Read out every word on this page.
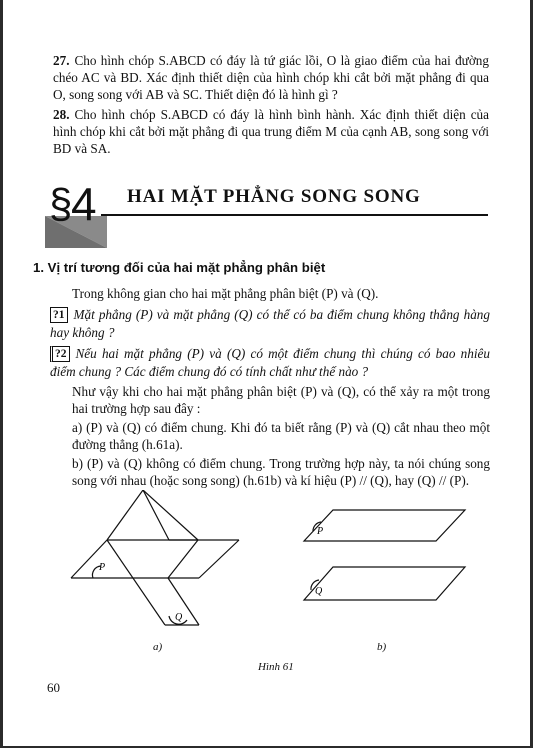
27. Cho hình chóp S.ABCD có đáy là tứ giác lồi, O là giao điểm của hai đường chéo AC và BD. Xác định thiết diện của hình chóp khi cắt bởi mặt phẳng đi qua O, song song với AB và SC. Thiết diện đó là hình gì ?
28. Cho hình chóp S.ABCD có đáy là hình bình hành. Xác định thiết diện của hình chóp khi cắt bởi mặt phẳng đi qua trung điểm M của cạnh AB, song song với BD và SA.
§
4 HAI MẶT PHẲNG SONG SONG
1. Vị trí tương đối của hai mặt phẳng phân biệt
Trong không gian cho hai mặt phẳng phân biệt (P) và (Q).
?1 Mặt phẳng (P) và mặt phẳng (Q) có thể có ba điểm chung không thẳng hàng hay không ?
?2 Nếu hai mặt phẳng (P) và (Q) có một điểm chung thì chúng có bao nhiêu điểm chung ? Các điểm chung đó có tính chất như thế nào ?
Như vậy khi cho hai mặt phẳng phân biệt (P) và (Q), có thể xảy ra một trong hai trường hợp sau đây :
a) (P) và (Q) có điểm chung. Khi đó ta biết rằng (P) và (Q) cắt nhau theo một đường thẳng (h.61a).
b) (P) và (Q) không có điểm chung. Trong trường hợp này, ta nói chúng song song với nhau (hoặc song song) (h.61b) và kí hiệu (P) // (Q), hay (Q) // (P).
P
Q
P
Q
a)	b)
Hình 61
60
